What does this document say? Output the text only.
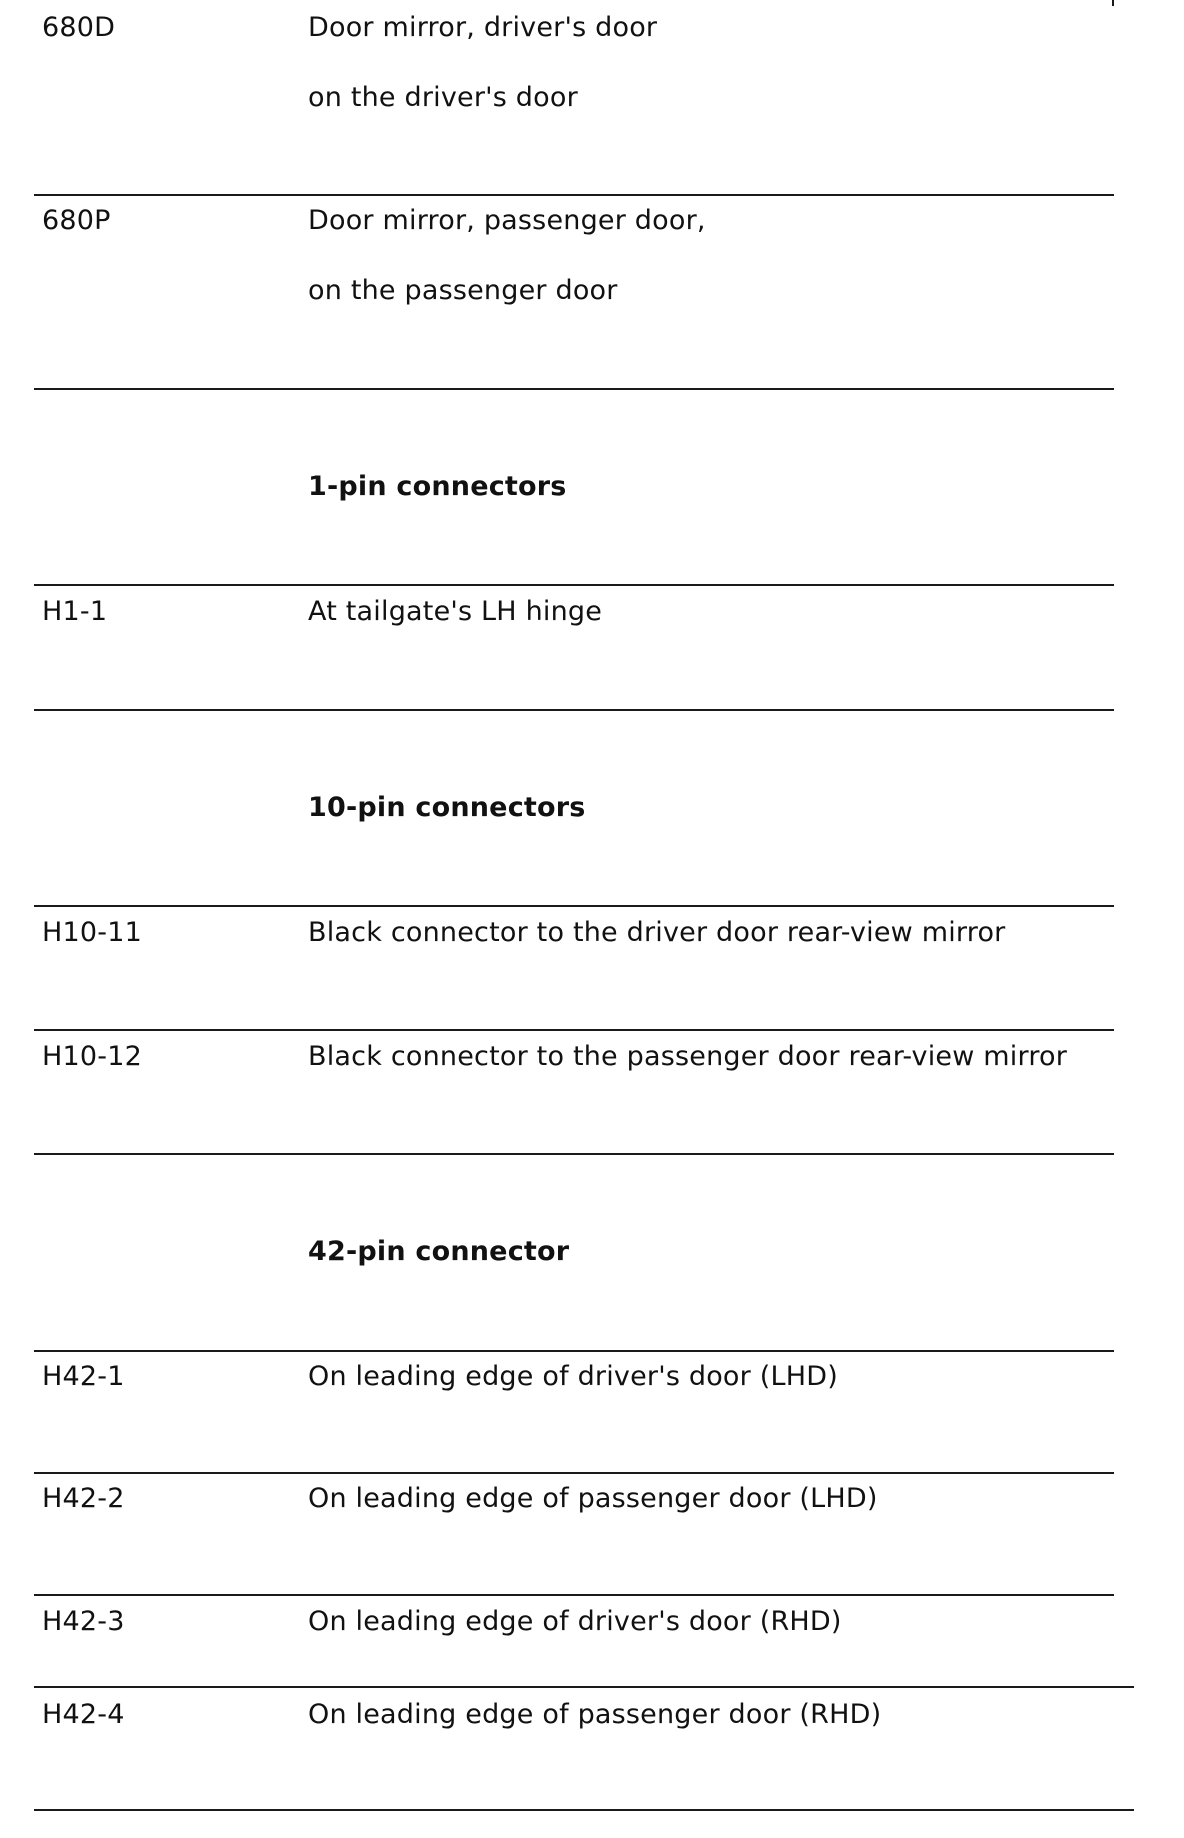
680D	Door mirror, driver's door
on the driver's door
680P	Door mirror, passenger door,
on the passenger door
1-pin connectors
H1-1	At tailgate's LH hinge
10-pin connectors
H10-11	Black connector to the driver door rear-view mirror
H10-12	Black connector to the passenger door rear-view mirror
42-pin connector
H42-1	On leading edge of driver's door (LHD)
H42-2	On leading edge of passenger door (LHD)
H42-3	On leading edge of driver's door (RHD)
H42-4	On leading edge of passenger door (RHD)
